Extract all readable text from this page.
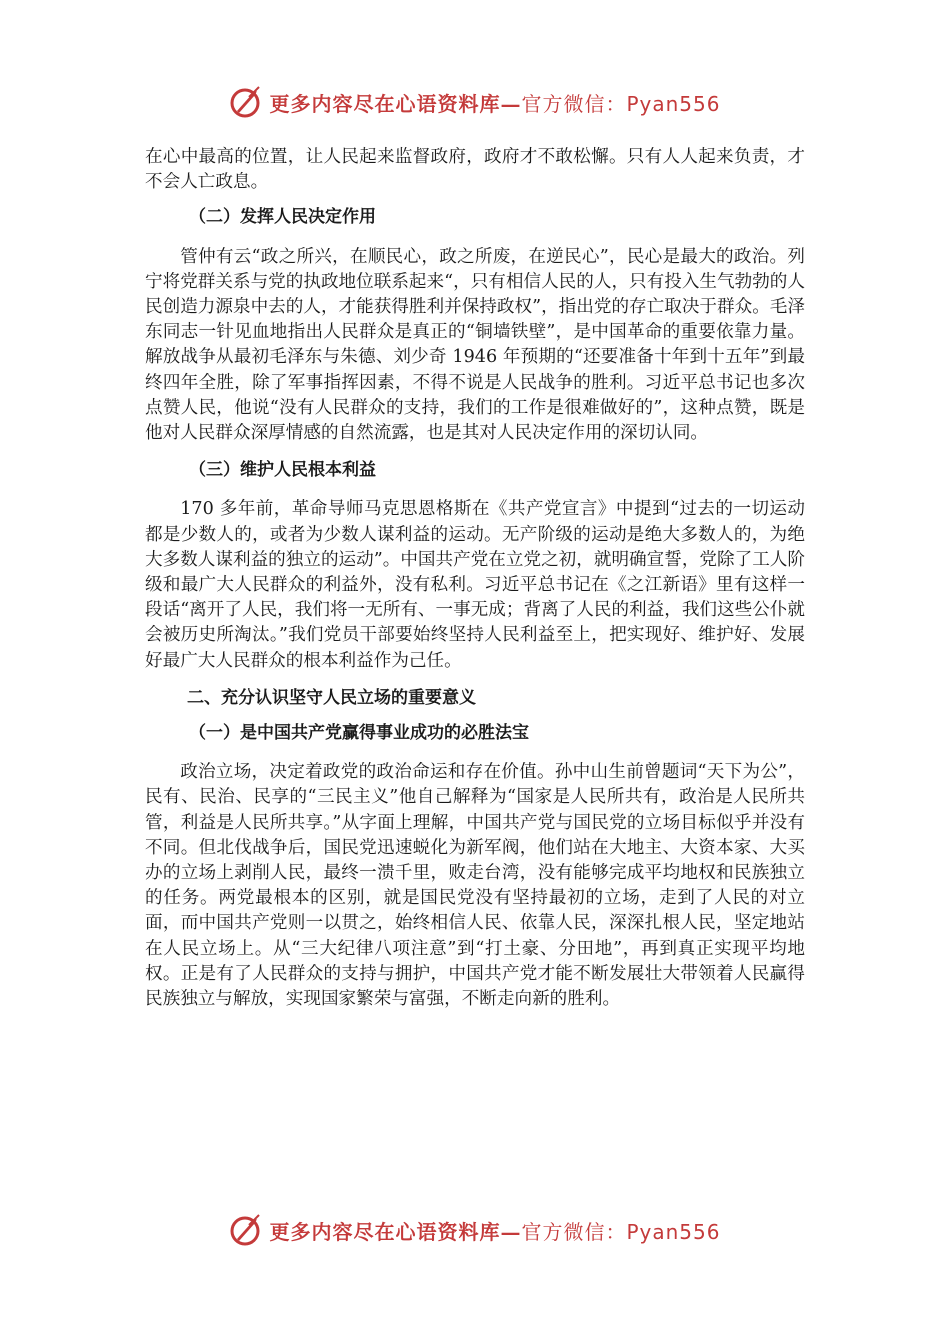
更多内容尽在心语资料库—官方微信：Pyan556

在心中最高的位置，让人民起来监督政府，政府才不敢松懈。只有人人起来负责，才不会人亡政息。

（二）发挥人民决定作用

管仲有云“政之所兴，在顺民心，政之所废，在逆民心”，民心是最大的政治。列宁将党群关系与党的执政地位联系起来“，只有相信人民的人，只有投入生气勃勃的人民创造力源泉中去的人，才能获得胜利并保持政权”，指出党的存亡取决于群众。毛泽东同志一针见血地指出人民群众是真正的“铜墙铁壁”，是中国革命的重要依靠力量。解放战争从最初毛泽东与朱德、刘少奇 1946 年预期的“还要准备十年到十五年”到最终四年全胜，除了军事指挥因素，不得不说是人民战争的胜利。习近平总书记也多次点赞人民，他说“没有人民群众的支持，我们的工作是很难做好的”，这种点赞，既是他对人民群众深厚情感的自然流露，也是其对人民决定作用的深切认同。

（三）维护人民根本利益

170 多年前，革命导师马克思恩格斯在《共产党宣言》中提到“过去的一切运动都是少数人的，或者为少数人谋利益的运动。无产阶级的运动是绝大多数人的，为绝大多数人谋利益的独立的运动”。中国共产党在立党之初，就明确宣誓，党除了工人阶级和最广大人民群众的利益外，没有私利。习近平总书记在《之江新语》里有这样一段话“离开了人民，我们将一无所有、一事无成；背离了人民的利益，我们这些公仆就会被历史所淘汰。”我们党员干部要始终坚持人民利益至上，把实现好、维护好、发展好最广大人民群众的根本利益作为己任。

二、充分认识坚守人民立场的重要意义

（一）是中国共产党赢得事业成功的必胜法宝

政治立场，决定着政党的政治命运和存在价值。孙中山生前曾题词“天下为公”，民有、民治、民享的“三民主义”他自己解释为“国家是人民所共有，政治是人民所共管，利益是人民所共享。”从字面上理解，中国共产党与国民党的立场目标似乎并没有不同。但北伐战争后，国民党迅速蜕化为新军阀，他们站在大地主、大资本家、大买办的立场上剥削人民，最终一溃千里，败走台湾，没有能够完成平均地权和民族独立的任务。两党最根本的区别，就是国民党没有坚持最初的立场，走到了人民的对立面，而中国共产党则一以贯之，始终相信人民、依靠人民，深深扎根人民，坚定地站在人民立场上。从“三大纪律八项注意”到“打土豪、分田地”，再到真正实现平均地权。正是有了人民群众的支持与拥护，中国共产党才能不断发展壮大带领着人民赢得民族独立与解放，实现国家繁荣与富强，不断走向新的胜利。

更多内容尽在心语资料库—官方微信：Pyan556
